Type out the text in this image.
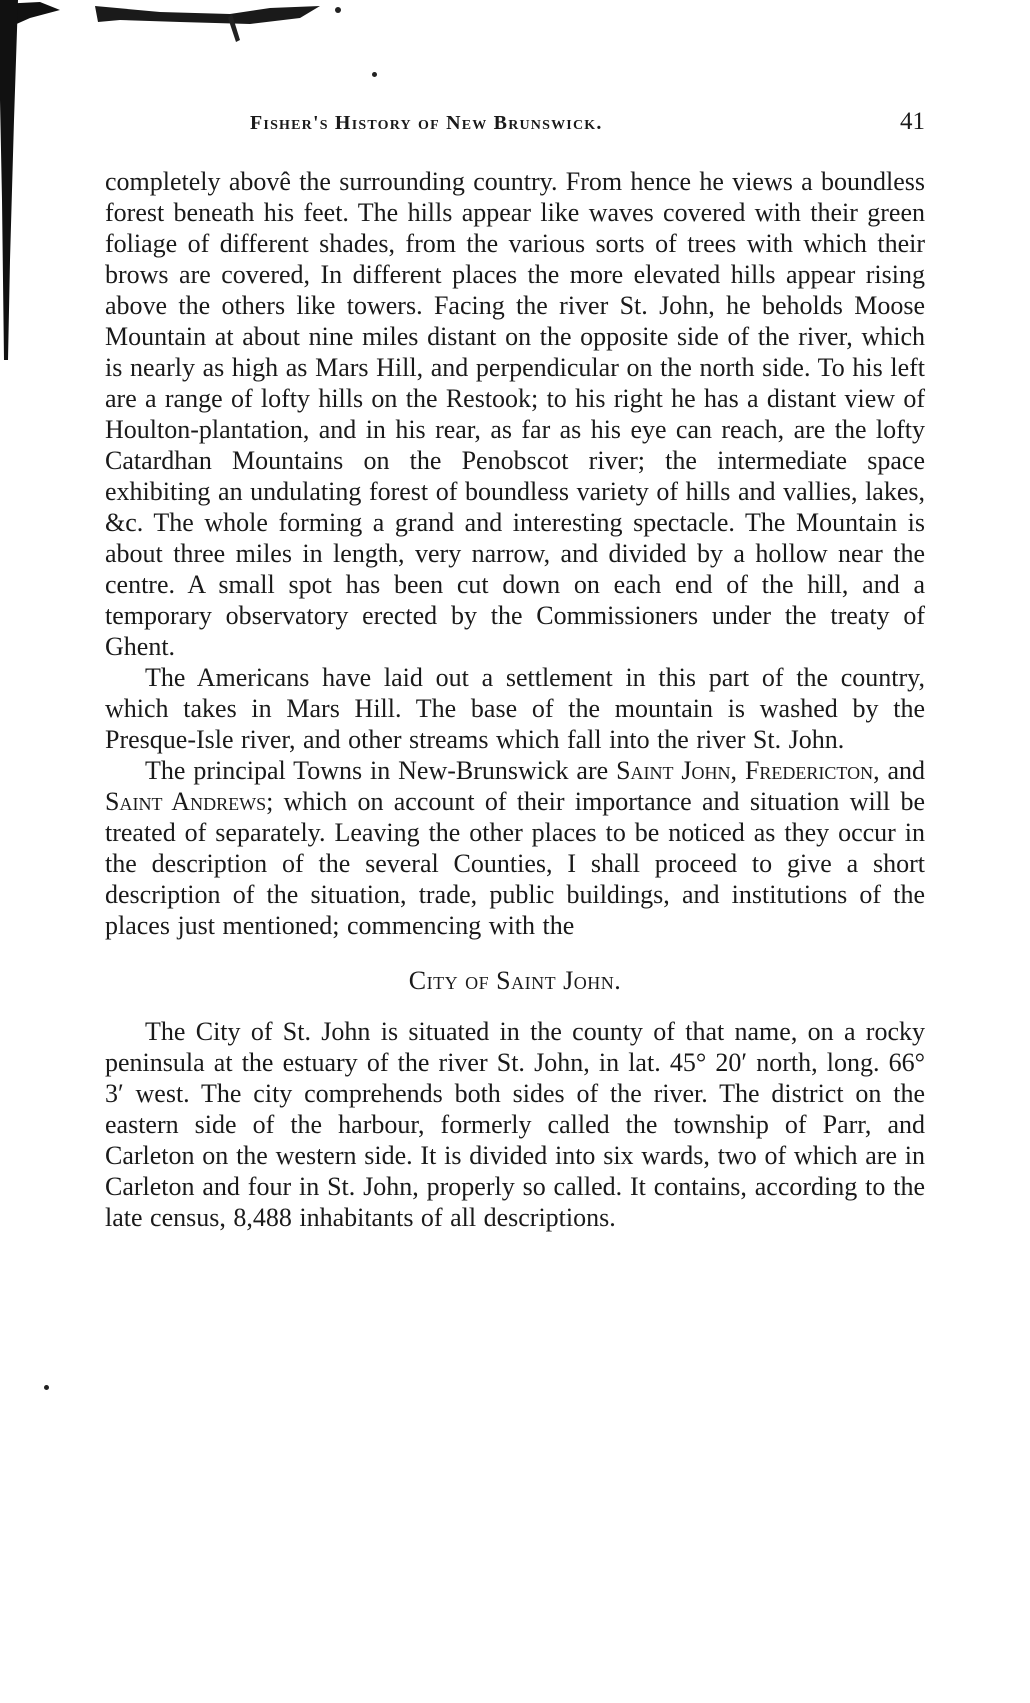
Fisher's History of New Brunswick.	41

completely abovê the surrounding country. From hence he views a boundless forest beneath his feet. The hills appear like waves covered with their green foliage of different shades, from the various sorts of trees with which their brows are covered, In different places the more elevated hills appear rising above the others like towers. Facing the river St. John, he beholds Moose Mountain at about nine miles distant on the opposite side of the river, which is nearly as high as Mars Hill, and perpendicular on the north side. To his left are a range of lofty hills on the Restook; to his right he has a distant view of Houlton-plantation, and in his rear, as far as his eye can reach, are the lofty Catardhan Mountains on the Penobscot river; the intermediate space exhibiting an undulating forest of boundless variety of hills and vallies, lakes, &c. The whole forming a grand and interesting spectacle. The Mountain is about three miles in length, very narrow, and divided by a hollow near the centre. A small spot has been cut down on each end of the hill, and a temporary observatory erected by the Commissioners under the treaty of Ghent.

The Americans have laid out a settlement in this part of the country, which takes in Mars Hill. The base of the mountain is washed by the Presque-Isle river, and other streams which fall into the river St. John.

The principal Towns in New-Brunswick are Saint John, Fredericton, and Saint Andrews; which on account of their importance and situation will be treated of separately. Leaving the other places to be noticed as they occur in the description of the several Counties, I shall proceed to give a short description of the situation, trade, public buildings, and institutions of the places just mentioned; commencing with the

City of Saint John.

The City of St. John is situated in the county of that name, on a rocky peninsula at the estuary of the river St. John, in lat. 45° 20′ north, long. 66° 3′ west. The city comprehends both sides of the river. The district on the eastern side of the harbour, formerly called the township of Parr, and Carleton on the western side. It is divided into six wards, two of which are in Carleton and four in St. John, properly so called. It contains, according to the late census, 8,488 inhabitants of all descriptions.
